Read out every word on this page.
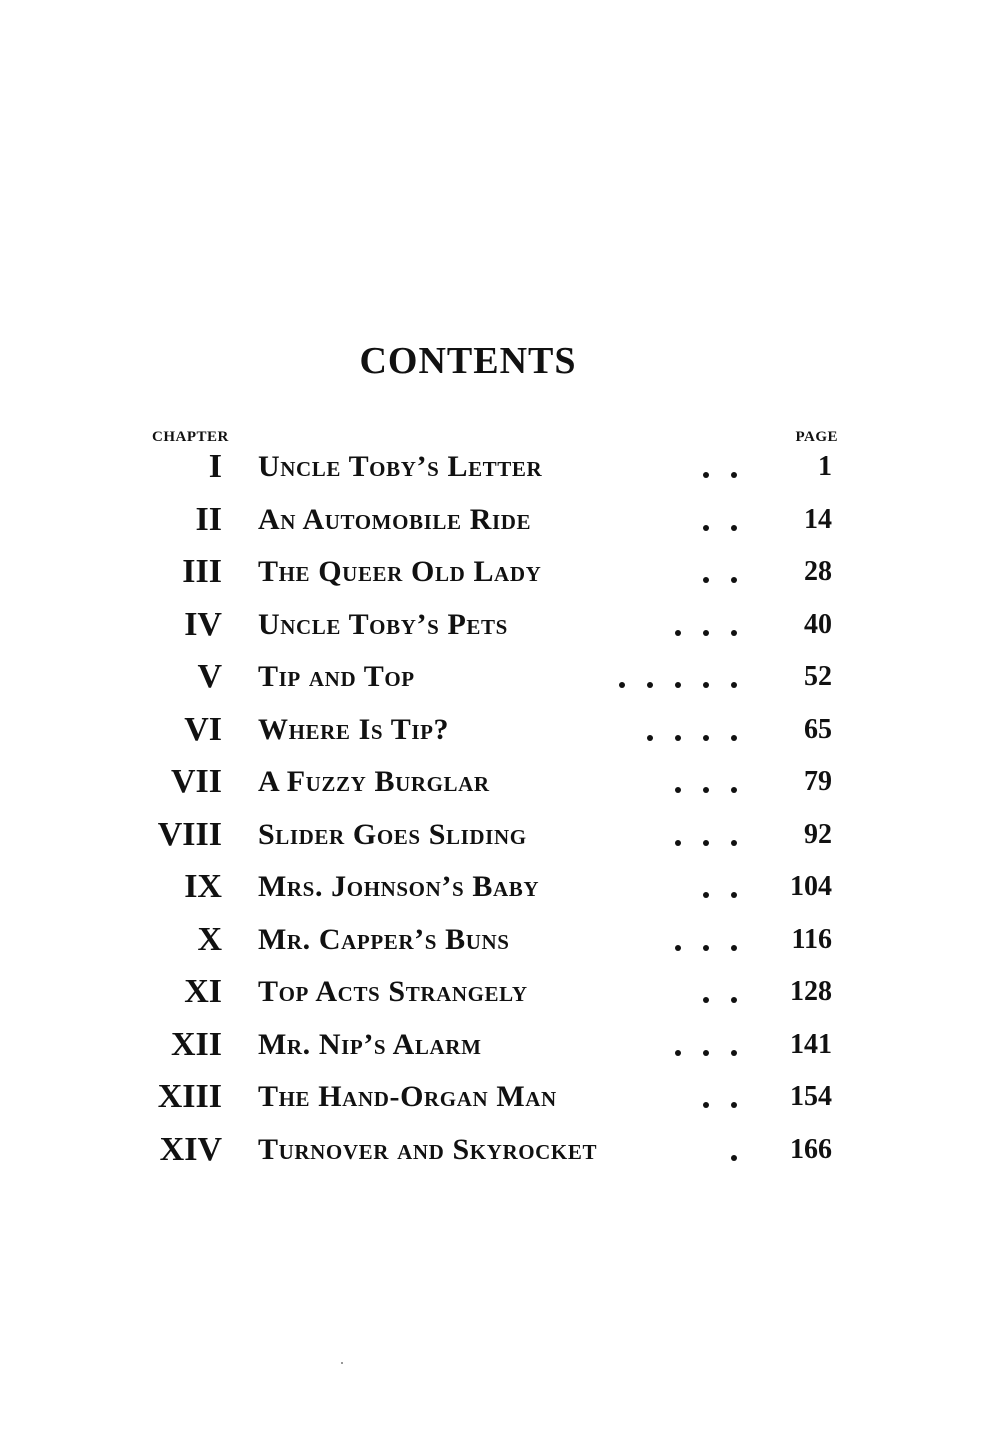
CONTENTS
CHAPTER	PAGE
I Uncle Toby’s Letter	1
II An Automobile Ride	14
III The Queer Old Lady	28
IV Uncle Toby’s Pets	40
V Tip and Top	52
VI Where Is Tip?	65
VII A Fuzzy Burglar	79
VIII Slider Goes Sliding	92
IX Mrs. Johnson’s Baby	104
X Mr. Capper’s Buns	116
XI Top Acts Strangely	128
XII Mr. Nip’s Alarm	141
XIII The Hand-Organ Man	154
XIV Turnover and Skyrocket	166
